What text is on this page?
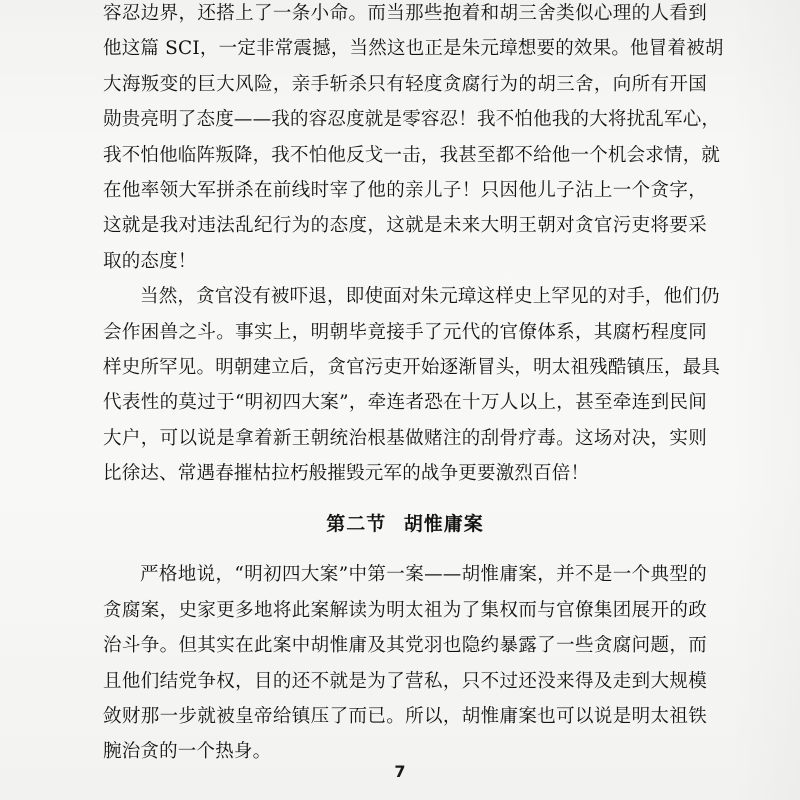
容忍边界，还搭上了一条小命。而当那些抱着和胡三舍类似心理的人看到
他这篇 SCI，一定非常震撼，当然这也正是朱元璋想要的效果。他冒着被胡
大海叛变的巨大风险，亲手斩杀只有轻度贪腐行为的胡三舍，向所有开国
勋贵亮明了态度——我的容忍度就是零容忍！我不怕他我的大将扰乱军心，
我不怕他临阵叛降，我不怕他反戈一击，我甚至都不给他一个机会求情，就
在他率领大军拼杀在前线时宰了他的亲儿子！只因他儿子沾上一个贪字，
这就是我对违法乱纪行为的态度，这就是未来大明王朝对贪官污吏将要采
取的态度！
当然，贪官没有被吓退，即使面对朱元璋这样史上罕见的对手，他们仍
会作困兽之斗。事实上，明朝毕竟接手了元代的官僚体系，其腐朽程度同
样史所罕见。明朝建立后，贪官污吏开始逐渐冒头，明太祖残酷镇压，最具
代表性的莫过于“明初四大案”，牵连者恐在十万人以上，甚至牵连到民间
大户，可以说是拿着新王朝统治根基做赌注的刮骨疗毒。这场对决，实则
比徐达、常遇春摧枯拉朽般摧毁元军的战争更要激烈百倍！
第二节 胡惟庸案
严格地说，“明初四大案”中第一案——胡惟庸案，并不是一个典型的
贪腐案，史家更多地将此案解读为明太祖为了集权而与官僚集团展开的政
治斗争。但其实在此案中胡惟庸及其党羽也隐约暴露了一些贪腐问题，而
且他们结党争权，目的还不就是为了营私，只不过还没来得及走到大规模
敛财那一步就被皇帝给镇压了而已。所以，胡惟庸案也可以说是明太祖铁
腕治贪的一个热身。
7
